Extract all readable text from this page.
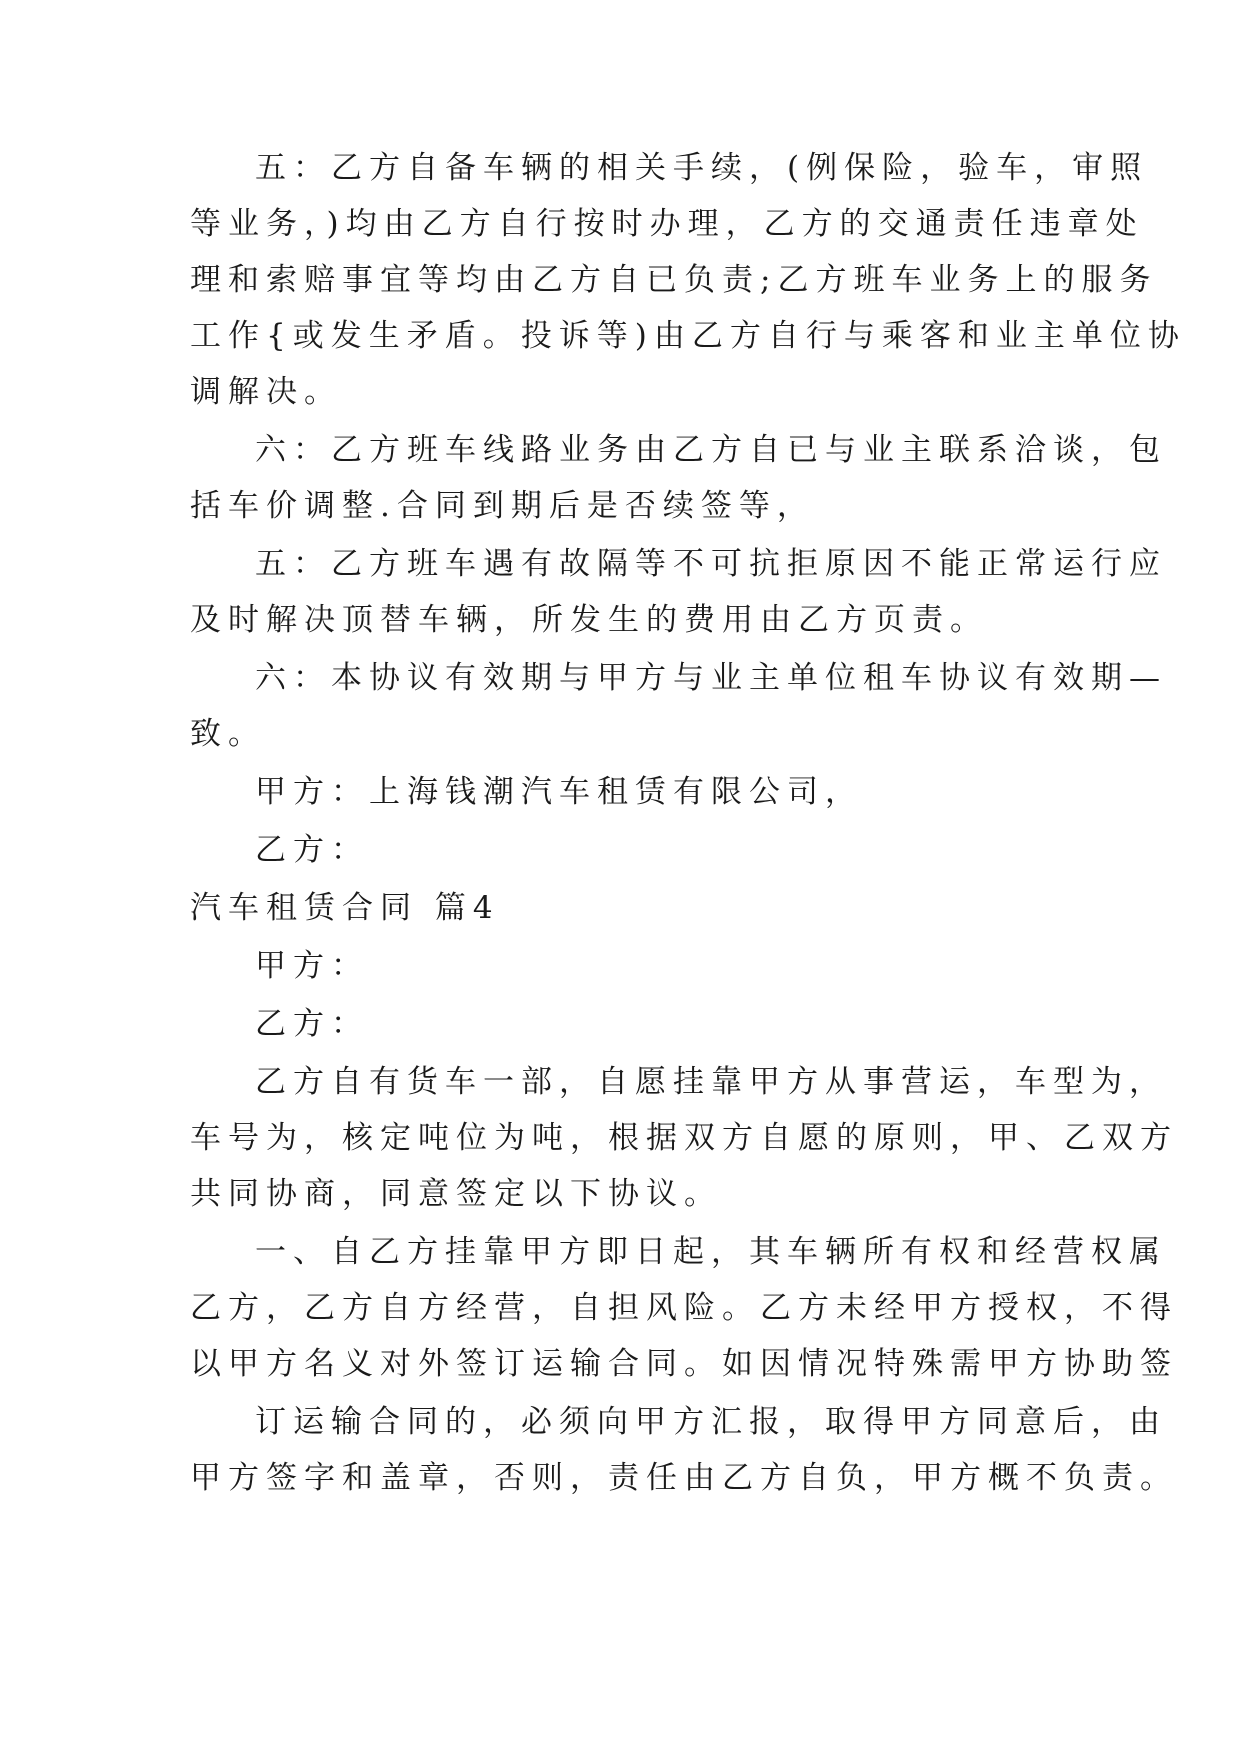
五：乙方自备车辆的相关手续，(例保险，验车，审照
等业务，)均由乙方自行按时办理，乙方的交通责任违章处
理和索赔事宜等均由乙方自已负责;乙方班车业务上的服务
工作{或发生矛盾。投诉等)由乙方自行与乘客和业主单位协
调解决。
六：乙方班车线路业务由乙方自已与业主联系洽谈，包
括车价调整.合同到期后是否续签等，
五：乙方班车遇有故隔等不可抗拒原因不能正常运行应
及时解决顶替车辆，所发生的费用由乙方页责。
六：本协议有效期与甲方与业主单位租车协议有效期—
致。
甲方：上海钱潮汽车租赁有限公司，
乙方：
汽车租赁合同 篇4
甲方：
乙方：
乙方自有货车一部，自愿挂靠甲方从事营运，车型为，
车号为，核定吨位为吨，根据双方自愿的原则，甲、乙双方
共同协商，同意签定以下协议。
一、自乙方挂靠甲方即日起，其车辆所有权和经营权属
乙方，乙方自方经营，自担风险。乙方未经甲方授权，不得
以甲方名义对外签订运输合同。如因情况特殊需甲方协助签
订运输合同的，必须向甲方汇报，取得甲方同意后，由
甲方签字和盖章，否则，责任由乙方自负，甲方概不负责。
